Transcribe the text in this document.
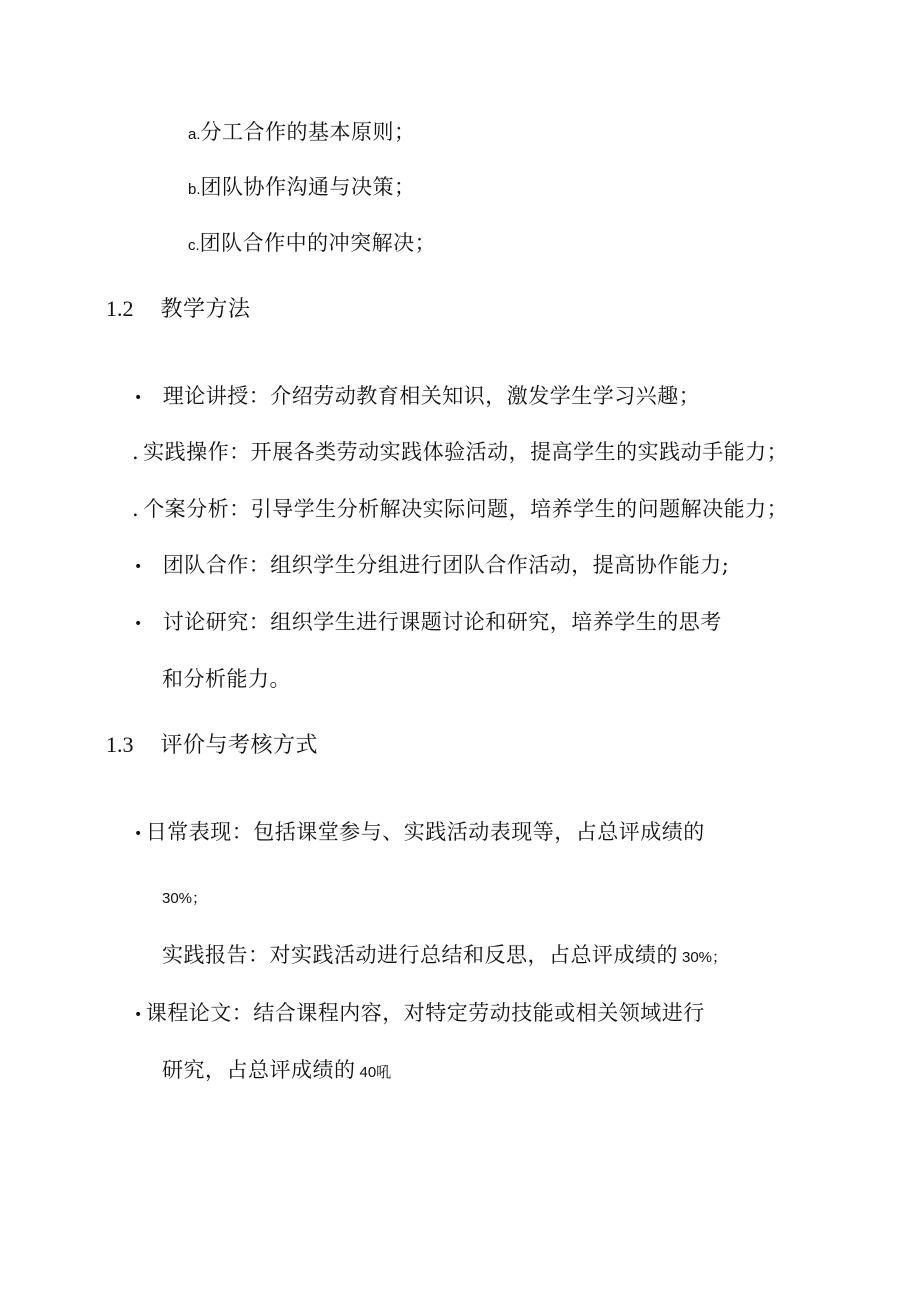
a.分工合作的基本原则；
b.团队协作沟通与决策；
c.团队合作中的冲突解决；
1.2 教学方法
• 理论讲授：介绍劳动教育相关知识，激发学生学习兴趣；
. 实践操作：开展各类劳动实践体验活动，提高学生的实践动手能力；
. 个案分析：引导学生分析解决实际问题，培养学生的问题解决能力；
• 团队合作：组织学生分组进行团队合作活动，提高协作能力;
• 讨论研究：组织学生进行课题讨论和研究，培养学生的思考
和分析能力。
1.3 评价与考核方式
• 日常表现：包括课堂参与、实践活动表现等，占总评成绩的
30%；
实践报告：对实践活动进行总结和反思，占总评成绩的 30%；
• 课程论文：结合课程内容，对特定劳动技能或相关领域进行
研究，占总评成绩的 40吼
